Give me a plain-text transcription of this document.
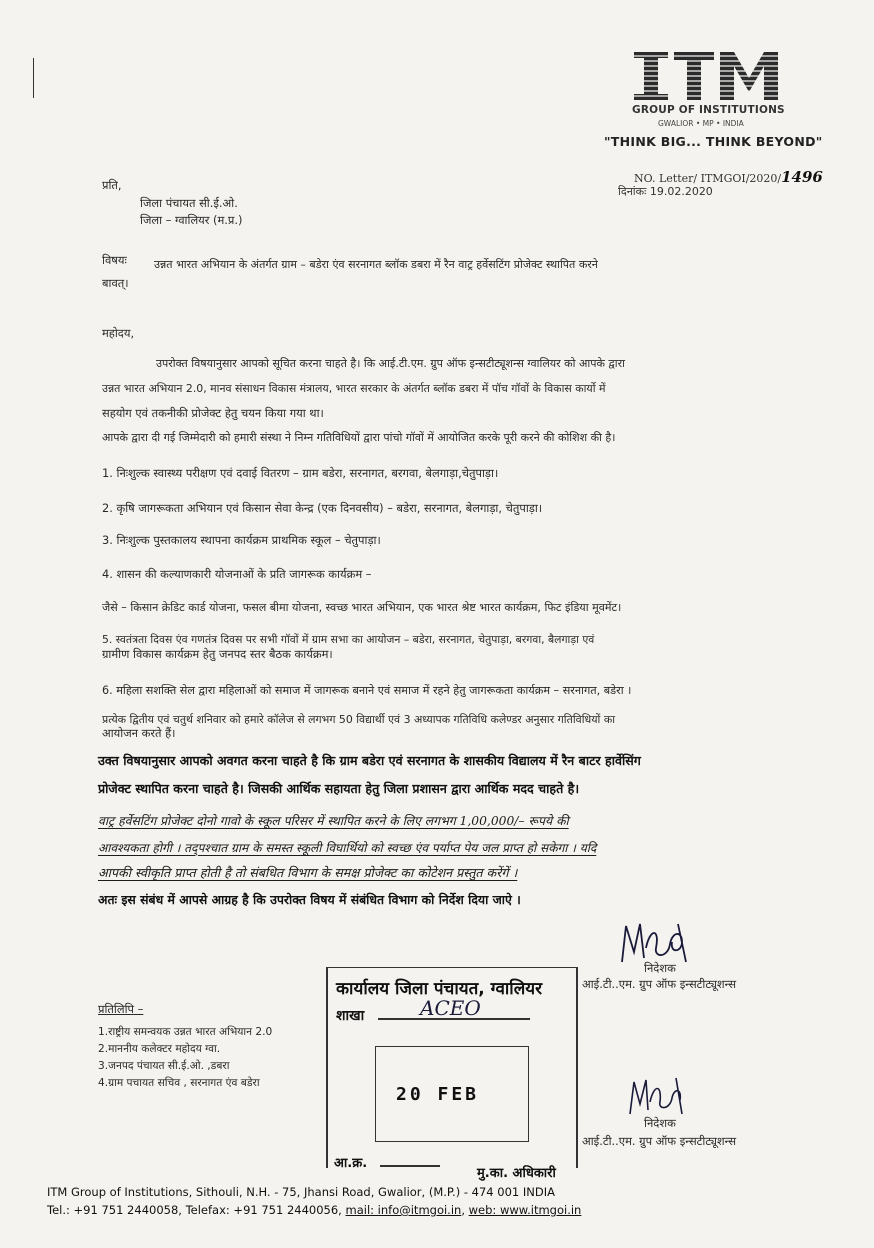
ITM
GROUP OF INSTITUTIONS
GWALIOR • MP • INDIA
"THINK BIG... THINK BEYOND"
NO. Letter/ ITMGOI/2020/1496
दिनांकः 19.02.2020
प्रति,
जिला पंचायत सी.ई.ओ.
जिला – ग्वालियर (म.प्र.)
विषयः उन्नत भारत अभियान के अंतर्गत ग्राम – बडेरा एंव सरनागत ब्लॉक डबरा में रैन वाट्र हर्वेसटिंग प्रोजेक्ट स्थापित करने
बावत्।
महोदय,
उपरोक्त विषयानुसार आपको सूचित करना चाहते है। कि आई.टी.एम. ग्रुप ऑफ इन्सटीट्यूशन्स ग्वालियर को आपके द्वारा
उन्नत भारत अभियान 2.0, मानव संसाधन विकास मंत्रालय, भारत सरकार के अंतर्गत ब्लॉक डबरा में पॉच गॉवों के विकास कार्यो में
सहयोग एवं तकनीकी प्रोजेक्ट हेतु चयन किया गया था।
आपके द्वारा दी गई जिम्मेदारी को हमारी संस्था ने निम्न गतिविधियों द्वारा पांचो गॉवों में आयोजित करके पूरी करने की कोशिश की है।
1. निःशुल्क स्वास्थ्य परीक्षण एवं दवाई वितरण – ग्राम बडेरा, सरनागत, बरगवा, बेलगाड़ा,चेतुपाड़ा।
2. कृषि जागरूकता अभियान एवं किसान सेवा केन्द्र (एक दिनवसीय) – बडेरा, सरनागत, बेलगाड़ा, चेतुपाड़ा।
3. निःशुल्क पुस्तकालय स्थापना कार्यक्रम प्राथमिक स्कूल – चेतुपाड़ा।
4. शासन की कल्याणकारी योजनाओं के प्रति जागरूक कार्यक्रम –
जैसे – किसान क्रेडिट कार्ड योजना, फसल बीमा योजना, स्वच्छ भारत अभियान, एक भारत श्रेष्ट भारत कार्यक्रम, फिट इंडिया मूवमेंट।
5. स्वतंत्रता दिवस एंव गणतंत्र दिवस पर सभी गॉवों में ग्राम सभा का आयोजन – बडेरा, सरनागत, चेतुपाड़ा, बरगवा, बैलगाड़ा एवं
ग्रामीण विकास कार्यक्रम हेतु जनपद स्तर बैठक कार्यक्रम।
6. महिला सशक्ति सेल द्वारा महिलाओं को समाज में जागरूक बनाने एवं समाज में रहने हेतु जागरूकता कार्यक्रम – सरनागत, बडेरा ।
प्रत्येक द्वितीय एवं चतुर्थ शनिवार को हमारे कॉलेज से लगभग 50 विद्यार्थी एवं 3 अध्यापक गतिविधि कलेण्डर अनुसार गतिविधियों का
आयोजन करते हैं।
उक्त विषयानुसार आपको अवगत करना चाहते है कि ग्राम बडेरा एवं सरनागत के शासकीय विद्यालय में रैन बाटर हार्वेसिंग
प्रोजेक्ट स्थापित करना चाहते है। जिसकी आर्थिक सहायता हेतु जिला प्रशासन द्वारा आर्थिक मदद चाहते है।
वाट्र हर्वेसटिंग प्रोजेक्ट दोनो गावो के स्कूल परिसर में स्थापित करने के लिए लगभग 1,00,000/– रूपये की
आवश्यकता होगी । तद्पश्चात ग्राम के समस्त स्कूली विघार्थियो को स्वच्छ एंव पर्याप्त पेय जल प्राप्त हो सकेगा । यदि
आपकी स्वीकृति प्राप्त होती है तो संबधित विभाग के समक्ष प्रोजेक्ट का कोटेशन प्रस्तुत करेंगें ।
अतः इस संबंध में आपसे आग्रह है कि उपरोक्त विषय में संबंधित विभाग को निर्देश दिया जाऐ ।
निदेशक
आई.टी..एम. ग्रुप ऑफ इन्सटीट्यूशन्स
प्रतिलिपि –
1.राष्ट्रीय समन्वयक उन्नत भारत अभियान 2.0
2.माननीय कलेक्टर महोदय ग्वा.
3.जनपद पंचायत सी.ई.ओ. ,डबरा
4.ग्राम पचायत सचिव , सरनागत एंव बडेरा
कार्यालय जिला पंचायत, ग्वालियर
शाखा	ACEO
20 FEB
आ.क्र.
मु.का. अधिकारी
निदेशक
आई.टी..एम. ग्रुप ऑफ इन्सटीट्यूशन्स
ITM Group of Institutions, Sithouli, N.H. - 75, Jhansi Road, Gwalior, (M.P.) - 474 001 INDIA
Tel.: +91 751 2440058, Telefax: +91 751 2440056, mail: info@itmgoi.in, web: www.itmgoi.in
